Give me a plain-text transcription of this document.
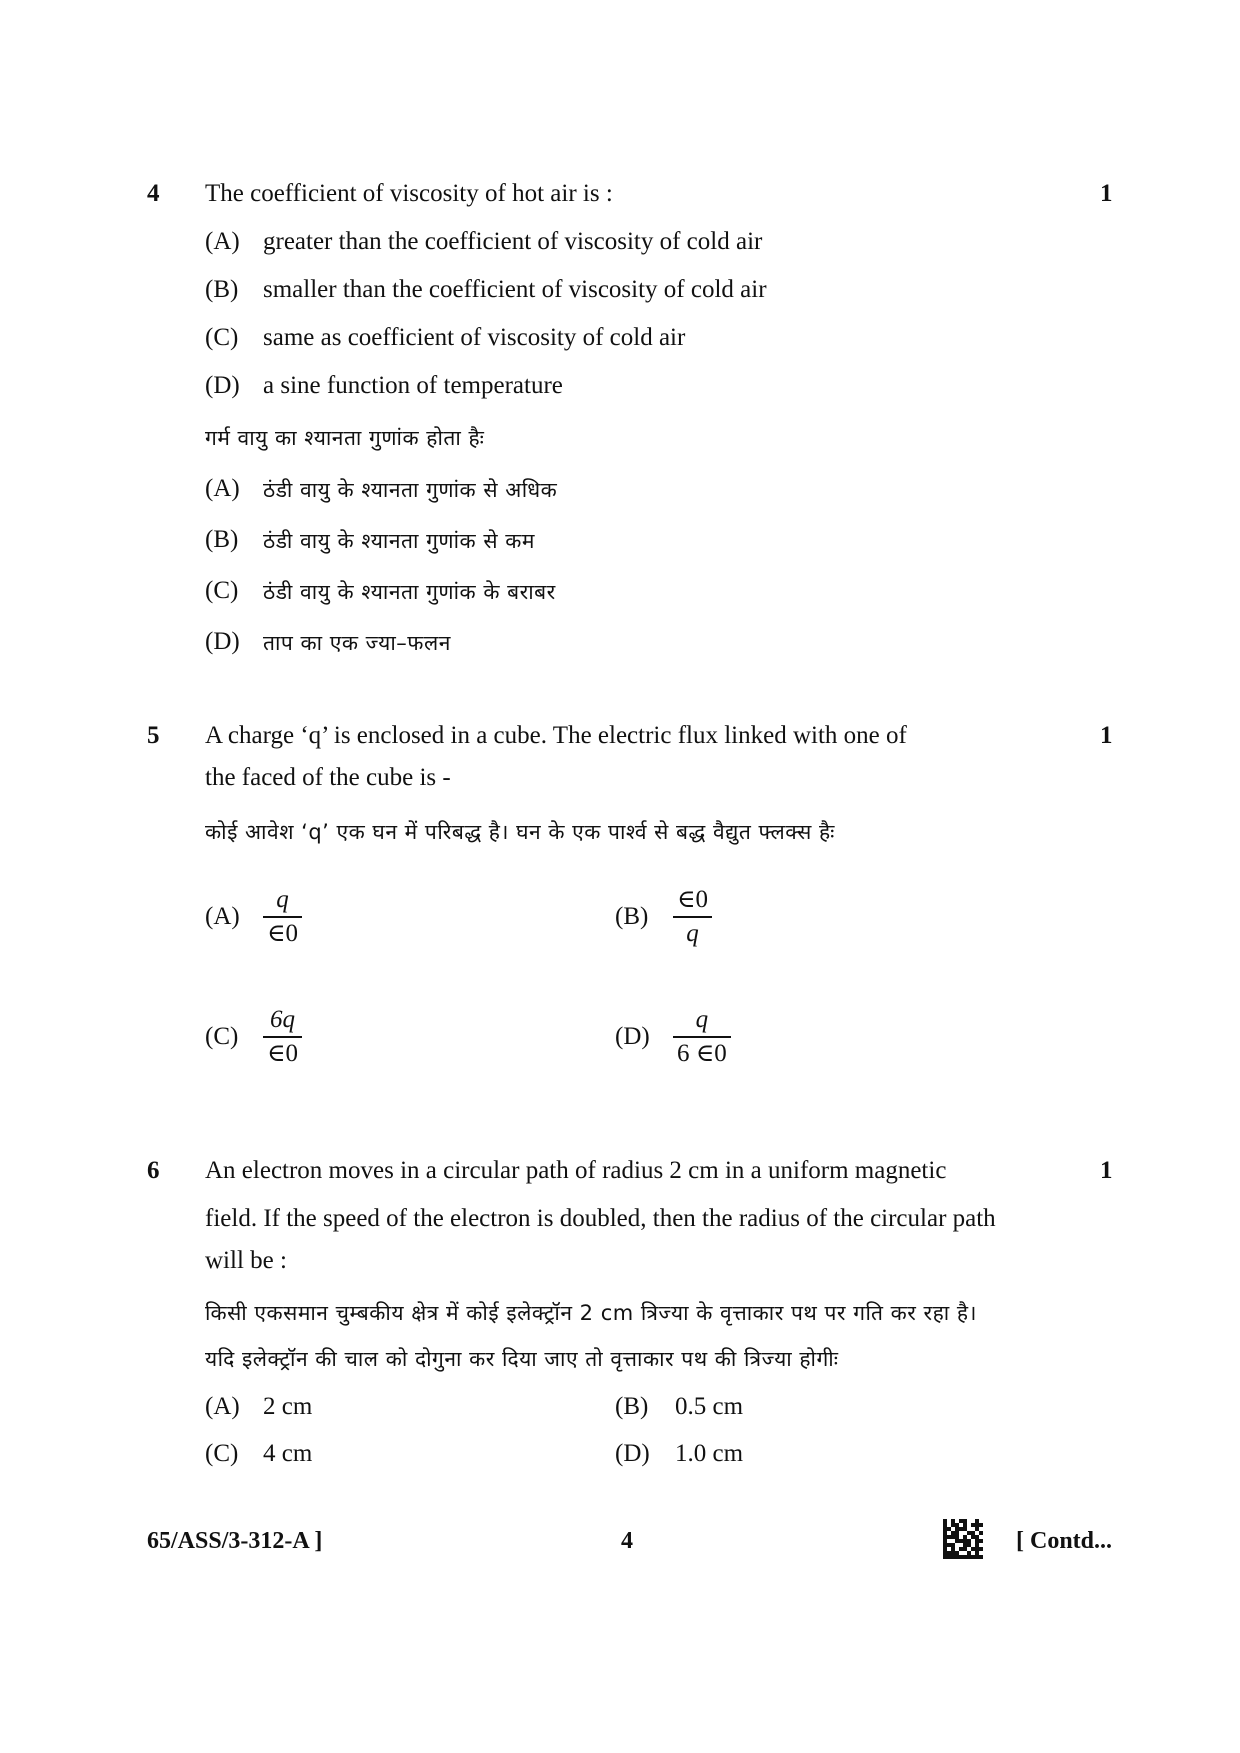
4 The coefficient of viscosity of hot air is :	1
(A) greater than the coefficient of viscosity of cold air
(B) smaller than the coefficient of viscosity of cold air
(C) same as coefficient of viscosity of cold air
(D) a sine function of temperature
गर्म वायु का श्यानता गुणांक होता हैः
(A) ठंडी वायु के श्यानता गुणांक से अधिक
(B) ठंडी वायु के श्यानता गुणांक से कम
(C) ठंडी वायु के श्यानता गुणांक के बराबर
(D) ताप का एक ज्या–फलन
5 A charge ‘q’ is enclosed in a cube. The electric flux linked with one of	1
the faced of the cube is -
कोई आवेश ‘q’ एक घन में परिबद्ध है। घन के एक पार्श्व से बद्ध वैद्युत फ्लक्स हैः
(A)
q
∈0
(B)
∈0
q
(C)
6q
∈0
(D)
q
6 ∈0
6 An electron moves in a circular path of radius 2 cm in a uniform magnetic	1
field. If the speed of the electron is doubled, then the radius of the circular path
will be :
किसी एकसमान चुम्बकीय क्षेत्र में कोई इलेक्ट्रॉन 2 cm त्रिज्या के वृत्ताकार पथ पर गति कर रहा है।
यदि इलेक्ट्रॉन की चाल को दोगुना कर दिया जाए तो वृत्ताकार पथ की त्रिज्या होगीः
(A) 2 cm	(B) 0.5 cm
(C) 4 cm	(D) 1.0 cm
65/ASS/3-312-A ]	4	[ Contd...
